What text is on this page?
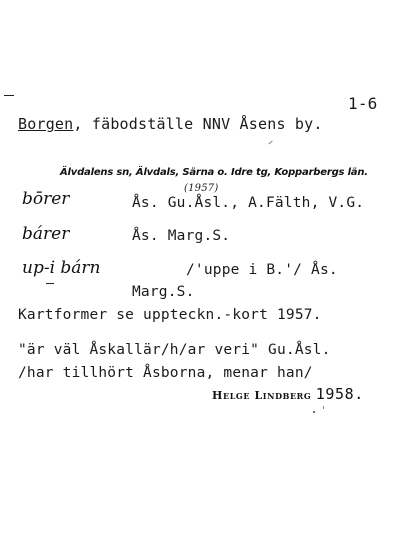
1-6
Borgen, fäbodställe NNV Åsens by.
Älvdalens sn, Älvdals, Särna o. Idre tg, Kopparbergs län.
bōrer
(1957)
Ås. Gu.Åsl., A.Fälth, V.G.
bárer	Ås. Marg.S.
up-i bárn	/'uppe i B.'/ Ås.
Marg.S.
Kartformer se uppteckn.-kort 1957.
"är väl Åskallär/h/ar veri" Gu.Åsl.
/har tillhört Åsborna, menar han/
Helge Lindberg 1958.
